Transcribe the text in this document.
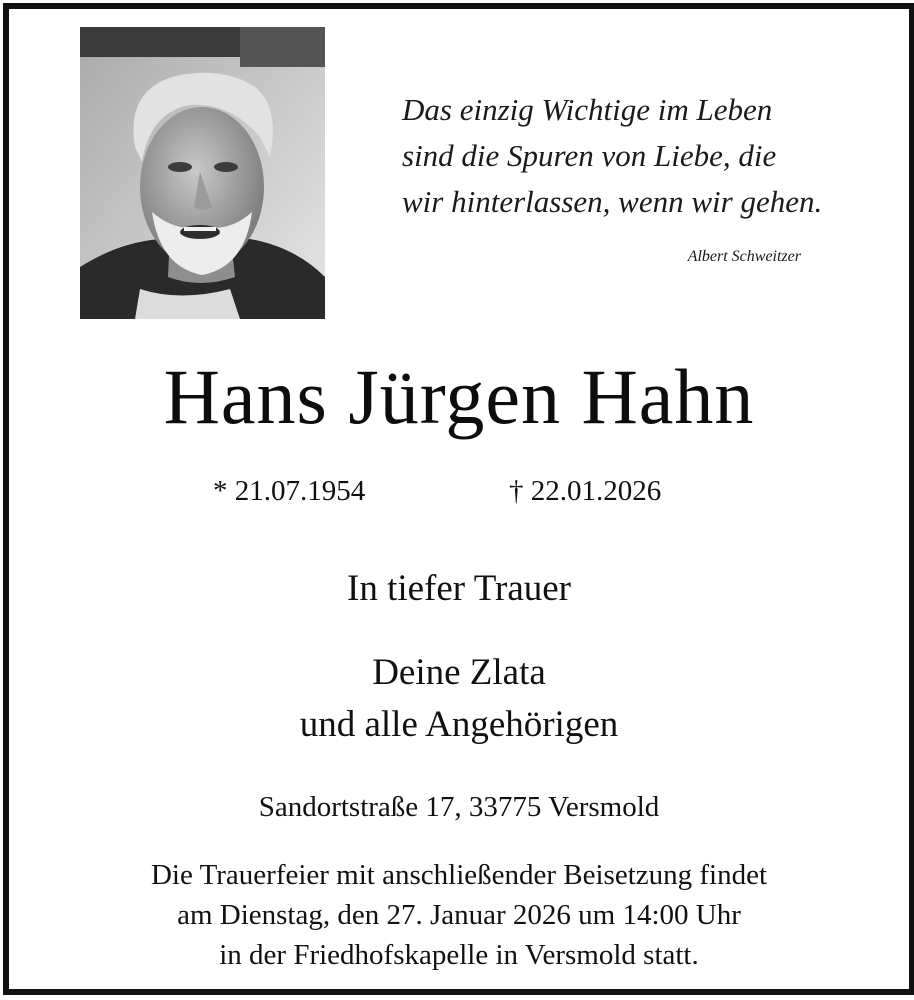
Das einzig Wichtige im Leben
sind die Spuren von Liebe, die
wir hinterlassen, wenn wir gehen.
Albert Schweitzer
Hans Jürgen Hahn
* 21.07.1954	† 22.01.2026
In tiefer Trauer
Deine Zlata
und alle Angehörigen
Sandortstraße 17, 33775 Versmold
Die Trauerfeier mit anschließender Beisetzung findet
am Dienstag, den 27. Januar 2026 um 14:00 Uhr
in der Friedhofskapelle in Versmold statt.
